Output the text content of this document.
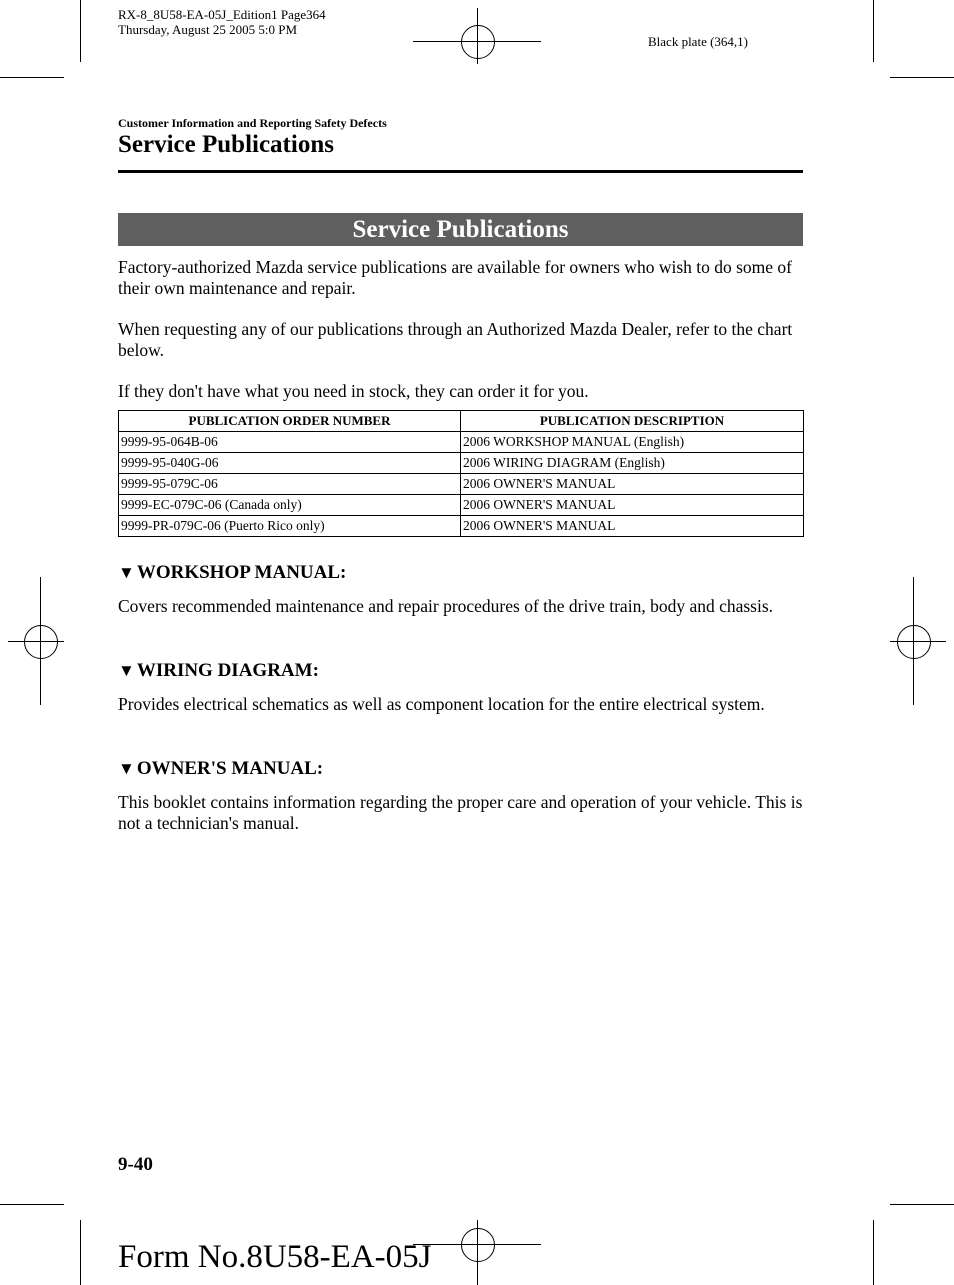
RX-8_8U58-EA-05J_Edition1 Page364
Thursday, August 25 2005 5:0 PM
Black plate (364,1)
Customer Information and Reporting Safety Defects
Service Publications
Service Publications
Factory-authorized Mazda service publications are available for owners who wish to do some of their own maintenance and repair.
When requesting any of our publications through an Authorized Mazda Dealer, refer to the chart below.
If they don't have what you need in stock, they can order it for you.
PUBLICATION ORDER NUMBER	PUBLICATION DESCRIPTION
9999-95-064B-06	2006 WORKSHOP MANUAL (English)
9999-95-040G-06	2006 WIRING DIAGRAM (English)
9999-95-079C-06	2006 OWNER'S MANUAL
9999-EC-079C-06 (Canada only)	2006 OWNER'S MANUAL
9999-PR-079C-06 (Puerto Rico only)	2006 OWNER'S MANUAL
▼ WORKSHOP MANUAL:
Covers recommended maintenance and repair procedures of the drive train, body and chassis.
▼ WIRING DIAGRAM:
Provides electrical schematics as well as component location for the entire electrical system.
▼ OWNER'S MANUAL:
This booklet contains information regarding the proper care and operation of your vehicle. This is not a technician's manual.
9-40
Form No.8U58-EA-05J
